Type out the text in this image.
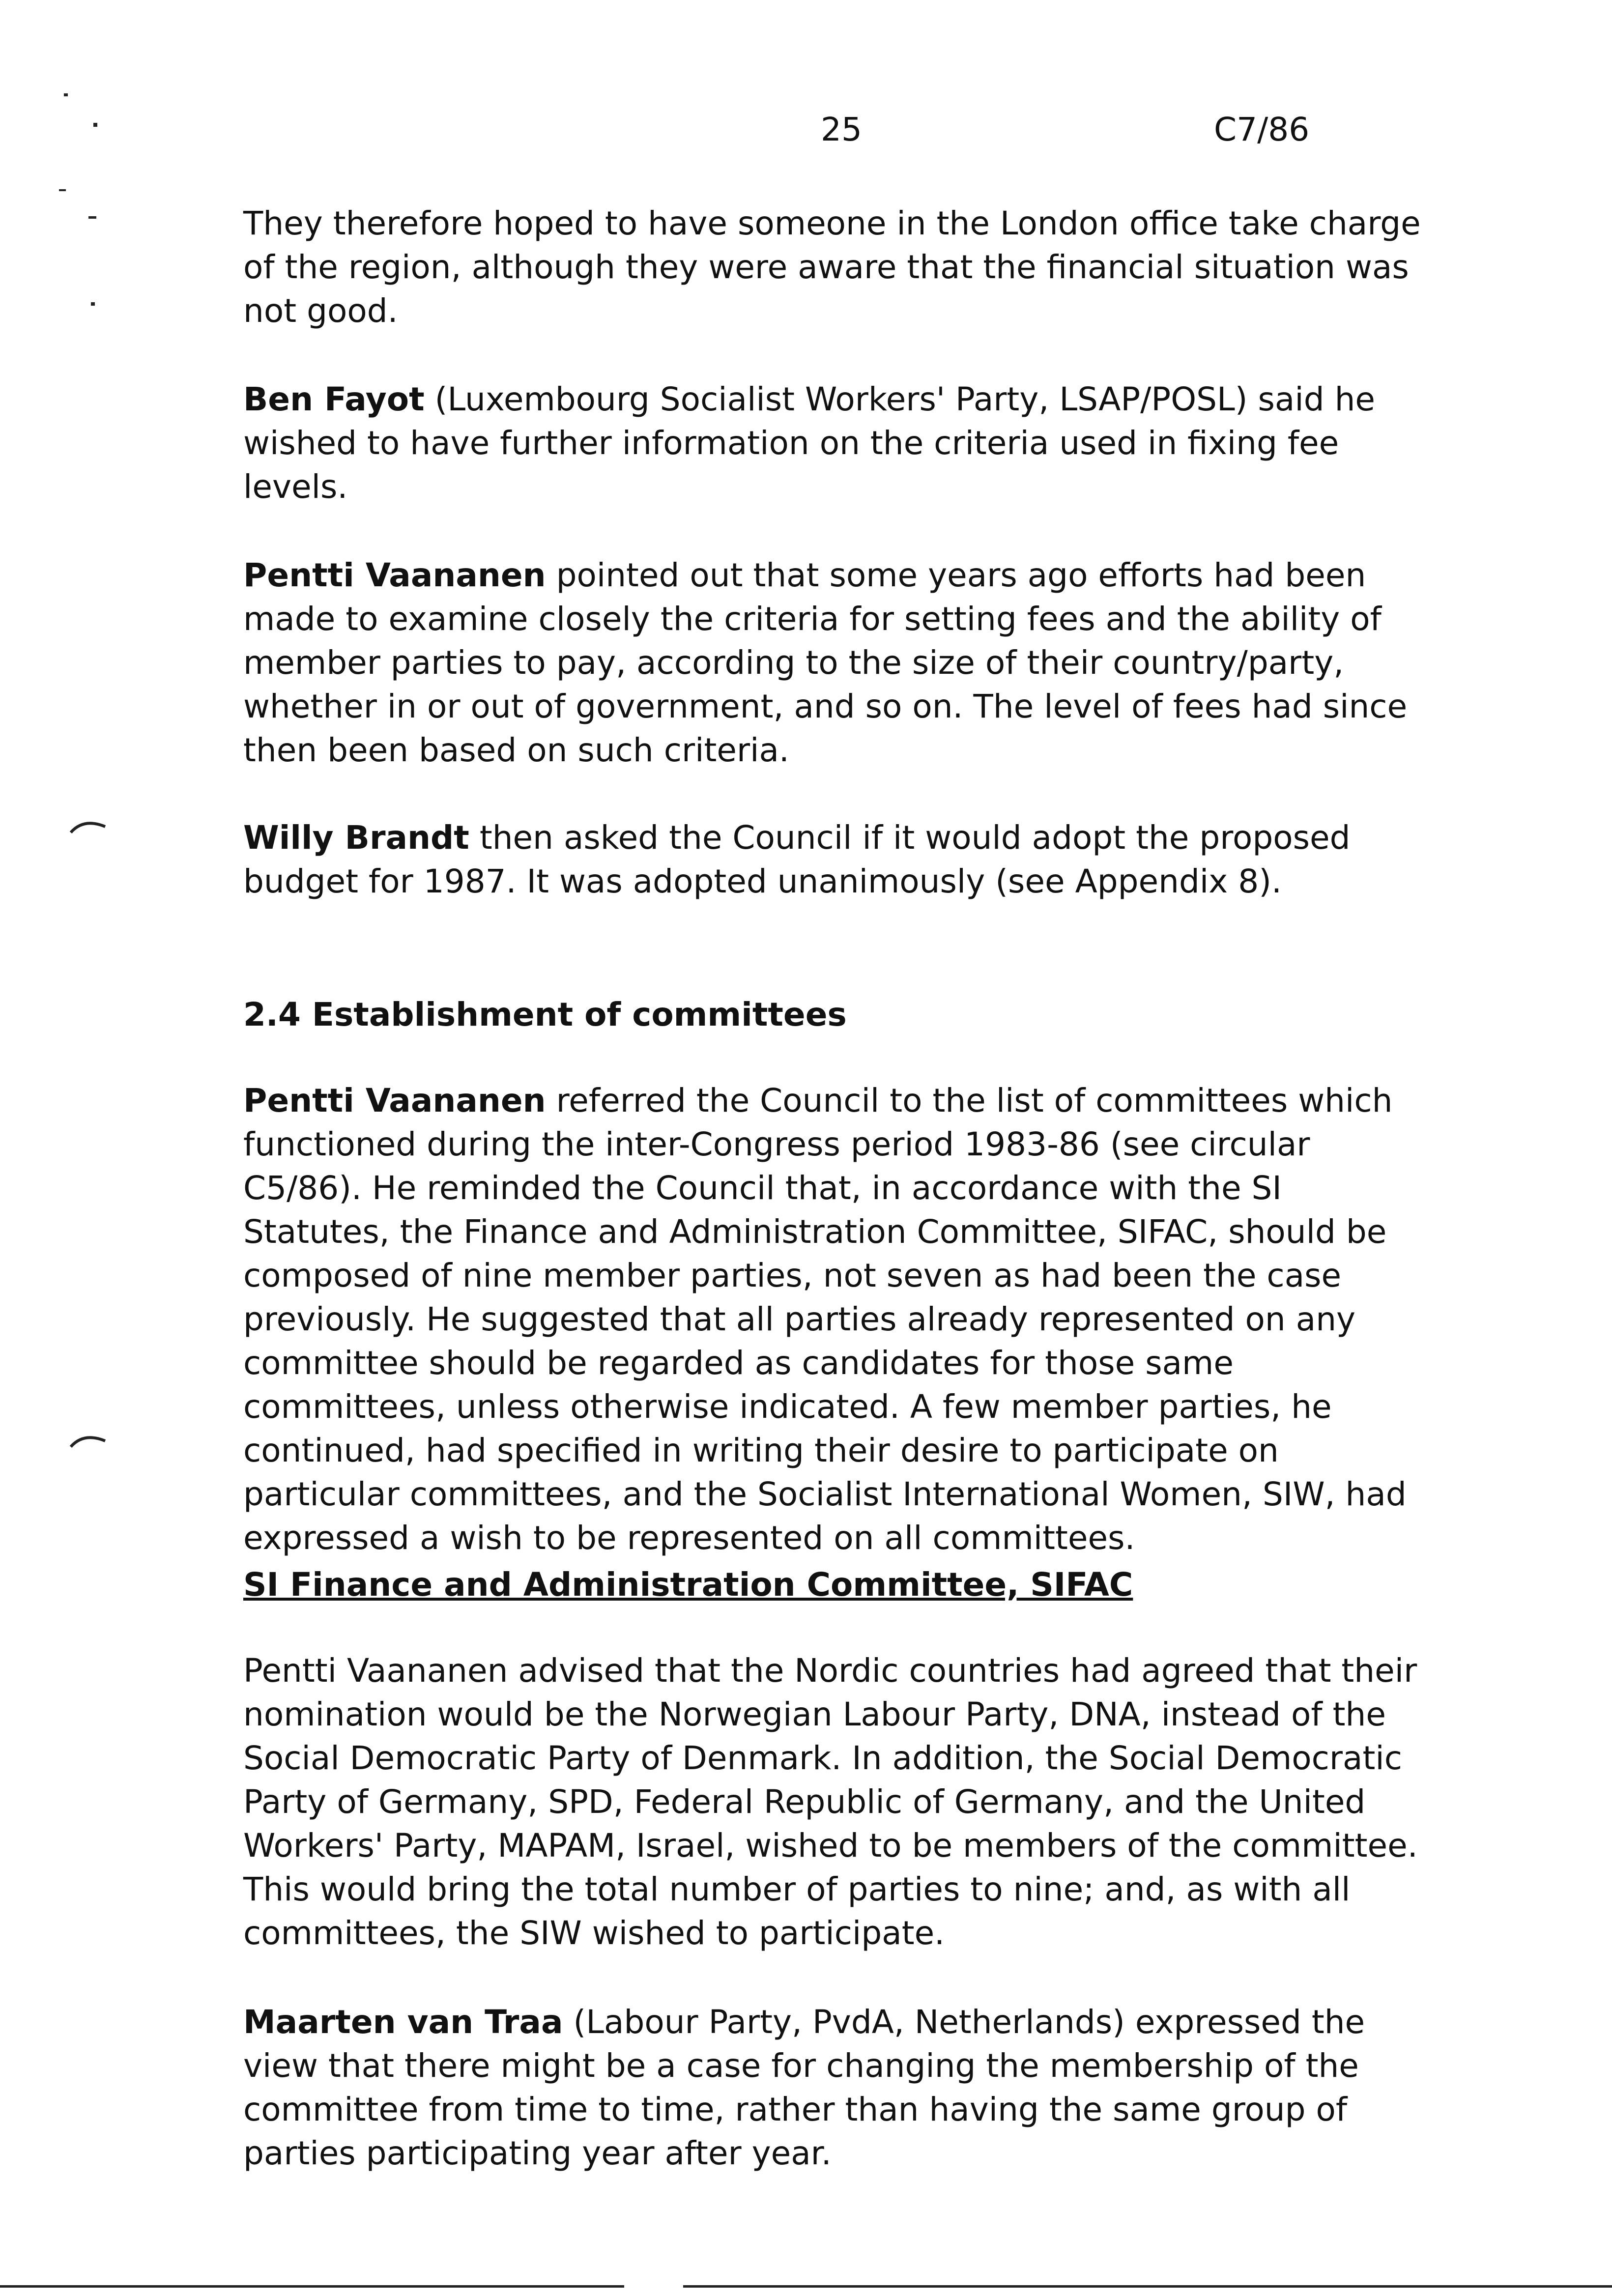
25	C7/86

They therefore hoped to have someone in the London office take charge of the region, although they were aware that the financial situation was not good.

Ben Fayot (Luxembourg Socialist Workers' Party, LSAP/POSL) said he wished to have further information on the criteria used in fixing fee levels.

Pentti Vaananen pointed out that some years ago efforts had been made to examine closely the criteria for setting fees and the ability of member parties to pay, according to the size of their country/party, whether in or out of government, and so on. The level of fees had since then been based on such criteria.

Willy Brandt then asked the Council if it would adopt the proposed budget for 1987. It was adopted unanimously (see Appendix 8).

2.4 Establishment of committees

Pentti Vaananen referred the Council to the list of committees which functioned during the inter-Congress period 1983-86 (see circular C5/86). He reminded the Council that, in accordance with the SI Statutes, the Finance and Administration Committee, SIFAC, should be composed of nine member parties, not seven as had been the case previously. He suggested that all parties already represented on any committee should be regarded as candidates for those same committees, unless otherwise indicated. A few member parties, he continued, had specified in writing their desire to participate on particular committees, and the Socialist International Women, SIW, had expressed a wish to be represented on all committees.

SI Finance and Administration Committee, SIFAC

Pentti Vaananen advised that the Nordic countries had agreed that their nomination would be the Norwegian Labour Party, DNA, instead of the Social Democratic Party of Denmark. In addition, the Social Democratic Party of Germany, SPD, Federal Republic of Germany, and the United Workers' Party, MAPAM, Israel, wished to be members of the committee. This would bring the total number of parties to nine; and, as with all committees, the SIW wished to participate.

Maarten van Traa (Labour Party, PvdA, Netherlands) expressed the view that there might be a case for changing the membership of the committee from time to time, rather than having the same group of parties participating year after year.
